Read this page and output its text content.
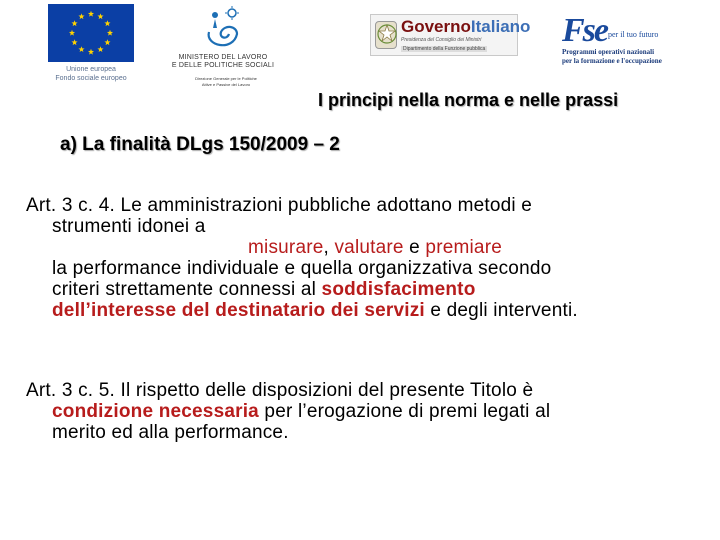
Unione europea
Fondo sociale europeo
MINISTERO DEL LAVORO
E DELLE POLITICHE SOCIALI
Direzione Generale per le Politiche
Attive e Passive del Lavoro
GovernoItaliano
Presidenza del Consiglio dei Ministri
Dipartimento della Funzione pubblica Fse per il tuo futuro
Programmi operativi nazionali
per la formazione e l'occupazione
I principi nella norma e nelle prassi
a) La finalità DLgs 150/2009 – 2
Art. 3 c. 4. Le amministrazioni pubbliche adottano metodi e
strumenti idonei a
misurare, valutare e premiare
la performance individuale e quella organizzativa secondo
criteri strettamente connessi al soddisfacimento
dell’interesse del destinatario dei servizi e degli interventi.
Art. 3 c. 5. Il rispetto delle disposizioni del presente Titolo è
condizione necessaria per l’erogazione di premi legati al
merito ed alla performance.
